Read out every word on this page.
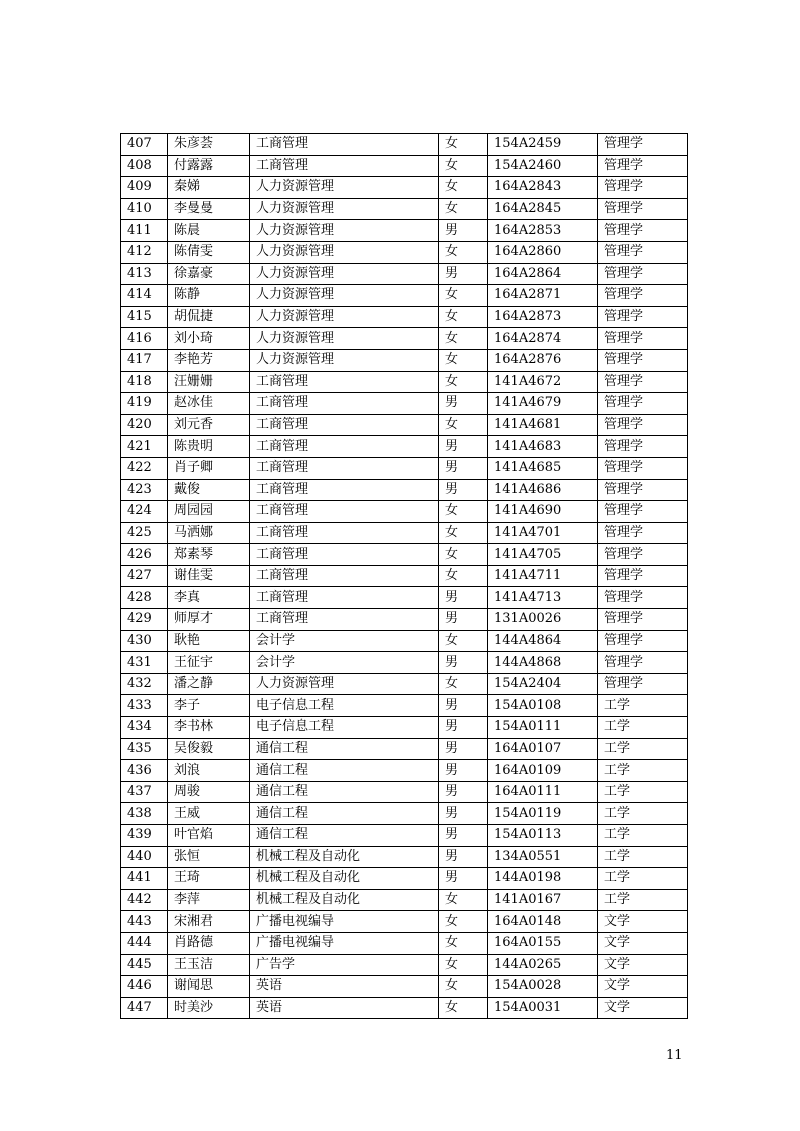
407	朱彦荟	工商管理	女	154A2459	管理学
408	付露露	工商管理	女	154A2460	管理学
409	秦娣	人力资源管理	女	164A2843	管理学
410	李曼曼	人力资源管理	女	164A2845	管理学
411	陈晨	人力资源管理	男	164A2853	管理学
412	陈倩雯	人力资源管理	女	164A2860	管理学
413	徐嘉豪	人力资源管理	男	164A2864	管理学
414	陈静	人力资源管理	女	164A2871	管理学
415	胡侃捷	人力资源管理	女	164A2873	管理学
416	刘小琦	人力资源管理	女	164A2874	管理学
417	李艳芳	人力资源管理	女	164A2876	管理学
418	汪姗姗	工商管理	女	141A4672	管理学
419	赵冰佳	工商管理	男	141A4679	管理学
420	刘元香	工商管理	女	141A4681	管理学
421	陈贵明	工商管理	男	141A4683	管理学
422	肖子卿	工商管理	男	141A4685	管理学
423	戴俊	工商管理	男	141A4686	管理学
424	周园园	工商管理	女	141A4690	管理学
425	马洒娜	工商管理	女	141A4701	管理学
426	郑素琴	工商管理	女	141A4705	管理学
427	谢佳雯	工商管理	女	141A4711	管理学
428	李真	工商管理	男	141A4713	管理学
429	师厚才	工商管理	男	131A0026	管理学
430	耿艳	会计学	女	144A4864	管理学
431	王征宇	会计学	男	144A4868	管理学
432	潘之静	人力资源管理	女	154A2404	管理学
433	李子	电子信息工程	男	154A0108	工学
434	李书林	电子信息工程	男	154A0111	工学
435	吴俊毅	通信工程	男	164A0107	工学
436	刘浪	通信工程	男	164A0109	工学
437	周骏	通信工程	男	164A0111	工学
438	王威	通信工程	男	154A0119	工学
439	叶官焰	通信工程	男	154A0113	工学
440	张恒	机械工程及自动化	男	134A0551	工学
441	王琦	机械工程及自动化	男	144A0198	工学
442	李萍	机械工程及自动化	女	141A0167	工学
443	宋湘君	广播电视编导	女	164A0148	文学
444	肖路德	广播电视编导	女	164A0155	文学
445	王玉洁	广告学	女	144A0265	文学
446	谢闻思	英语	女	154A0028	文学
447	时美沙	英语	女	154A0031	文学
11
